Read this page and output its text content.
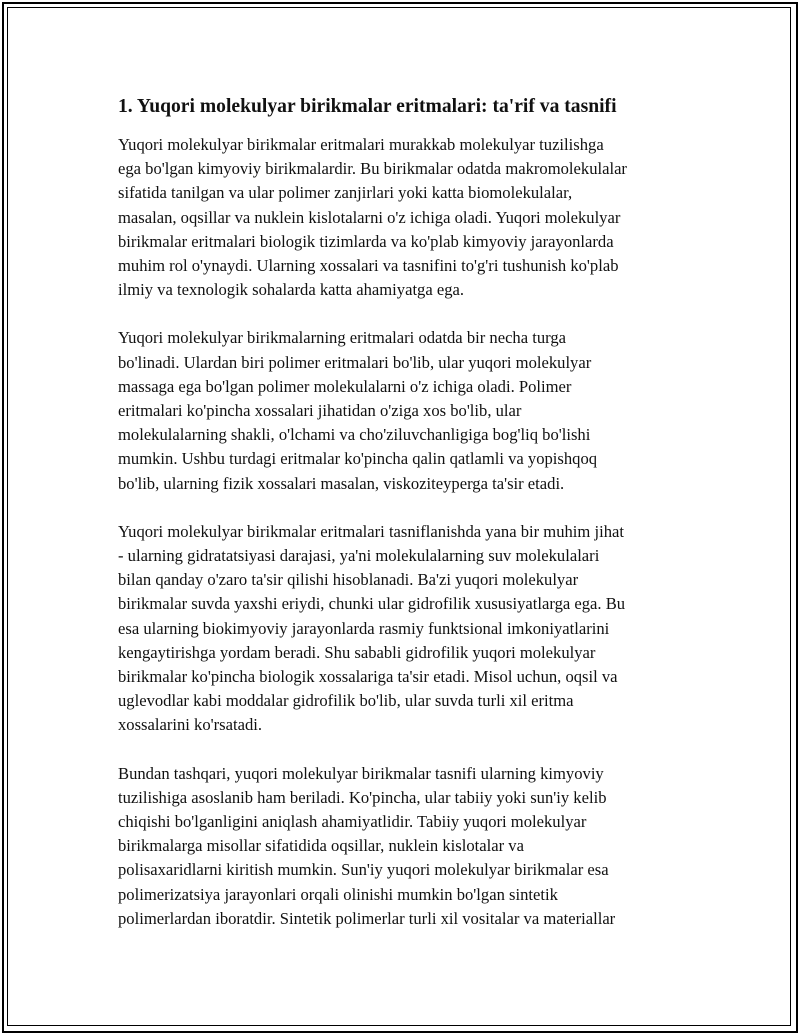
1. Yuqori molekulyar birikmalar eritmalari: ta'rif va tasnifi
Yuqori molekulyar birikmalar eritmalari murakkab molekulyar tuzilishga
ega bo'lgan kimyoviy birikmalardir. Bu birikmalar odatda makromolekulalar
sifatida tanilgan va ular polimer zanjirlari yoki katta biomolekulalar,
masalan, oqsillar va nuklein kislotalarni o'z ichiga oladi. Yuqori molekulyar
birikmalar eritmalari biologik tizimlarda va ko'plab kimyoviy jarayonlarda
muhim rol o'ynaydi. Ularning xossalari va tasnifini to'g'ri tushunish ko'plab
ilmiy va texnologik sohalarda katta ahamiyatga ega.
Yuqori molekulyar birikmalarning eritmalari odatda bir necha turga
bo'linadi. Ulardan biri polimer eritmalari bo'lib, ular yuqori molekulyar
massaga ega bo'lgan polimer molekulalarni o'z ichiga oladi. Polimer
eritmalari ko'pincha xossalari jihatidan o'ziga xos bo'lib, ular
molekulalarning shakli, o'lchami va cho'ziluvchanligiga bog'liq bo'lishi
mumkin. Ushbu turdagi eritmalar ko'pincha qalin qatlamli va yopishqoq
bo'lib, ularning fizik xossalari masalan, viskoziteyperga ta'sir etadi.
Yuqori molekulyar birikmalar eritmalari tasniflanishda yana bir muhim jihat
- ularning gidratatsiyasi darajasi, ya'ni molekulalarning suv molekulalari
bilan qanday o'zaro ta'sir qilishi hisoblanadi. Ba'zi yuqori molekulyar
birikmalar suvda yaxshi eriydi, chunki ular gidrofilik xususiyatlarga ega. Bu
esa ularning biokimyoviy jarayonlarda rasmiy funktsional imkoniyatlarini
kengaytirishga yordam beradi. Shu sababli gidrofilik yuqori molekulyar
birikmalar ko'pincha biologik xossalariga ta'sir etadi. Misol uchun, oqsil va
uglevodlar kabi moddalar gidrofilik bo'lib, ular suvda turli xil eritma
xossalarini ko'rsatadi.
Bundan tashqari, yuqori molekulyar birikmalar tasnifi ularning kimyoviy
tuzilishiga asoslanib ham beriladi. Ko'pincha, ular tabiiy yoki sun'iy kelib
chiqishi bo'lganligini aniqlash ahamiyatlidir. Tabiiy yuqori molekulyar
birikmalarga misollar sifatidida oqsillar, nuklein kislotalar va
polisaxaridlarni kiritish mumkin. Sun'iy yuqori molekulyar birikmalar esa
polimerizatsiya jarayonlari orqali olinishi mumkin bo'lgan sintetik
polimerlardan iboratdir. Sintetik polimerlar turli xil vositalar va materiallar
